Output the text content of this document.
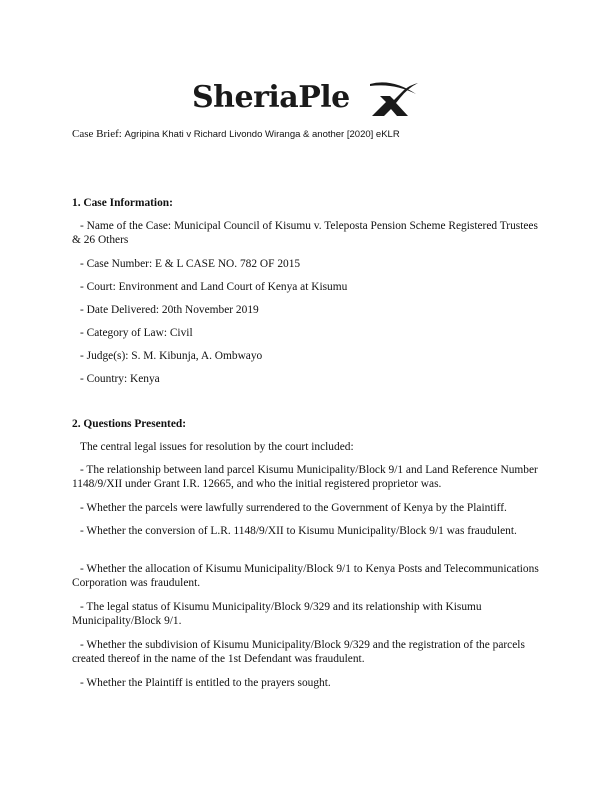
SheriaPle
Case Brief: Agripina Khati v Richard Livondo Wiranga & another [2020] eKLR
1. Case Information:
- Name of the Case: Municipal Council of Kisumu v. Teleposta Pension Scheme Registered Trustees & 26 Others
- Case Number: E & L CASE NO. 782 OF 2015
- Court: Environment and Land Court of Kenya at Kisumu
- Date Delivered: 20th November 2019
- Category of Law: Civil
- Judge(s): S. M. Kibunja, A. Ombwayo
- Country: Kenya
2. Questions Presented:
The central legal issues for resolution by the court included:
- The relationship between land parcel Kisumu Municipality/Block 9/1 and Land Reference Number 1148/9/XII under Grant I.R. 12665, and who the initial registered proprietor was.
- Whether the parcels were lawfully surrendered to the Government of Kenya by the Plaintiff.
- Whether the conversion of L.R. 1148/9/XII to Kisumu Municipality/Block 9/1 was fraudulent.
- Whether the allocation of Kisumu Municipality/Block 9/1 to Kenya Posts and Telecommunications Corporation was fraudulent.
- The legal status of Kisumu Municipality/Block 9/329 and its relationship with Kisumu Municipality/Block 9/1.
- Whether the subdivision of Kisumu Municipality/Block 9/329 and the registration of the parcels created thereof in the name of the 1st Defendant was fraudulent.
- Whether the Plaintiff is entitled to the prayers sought.
